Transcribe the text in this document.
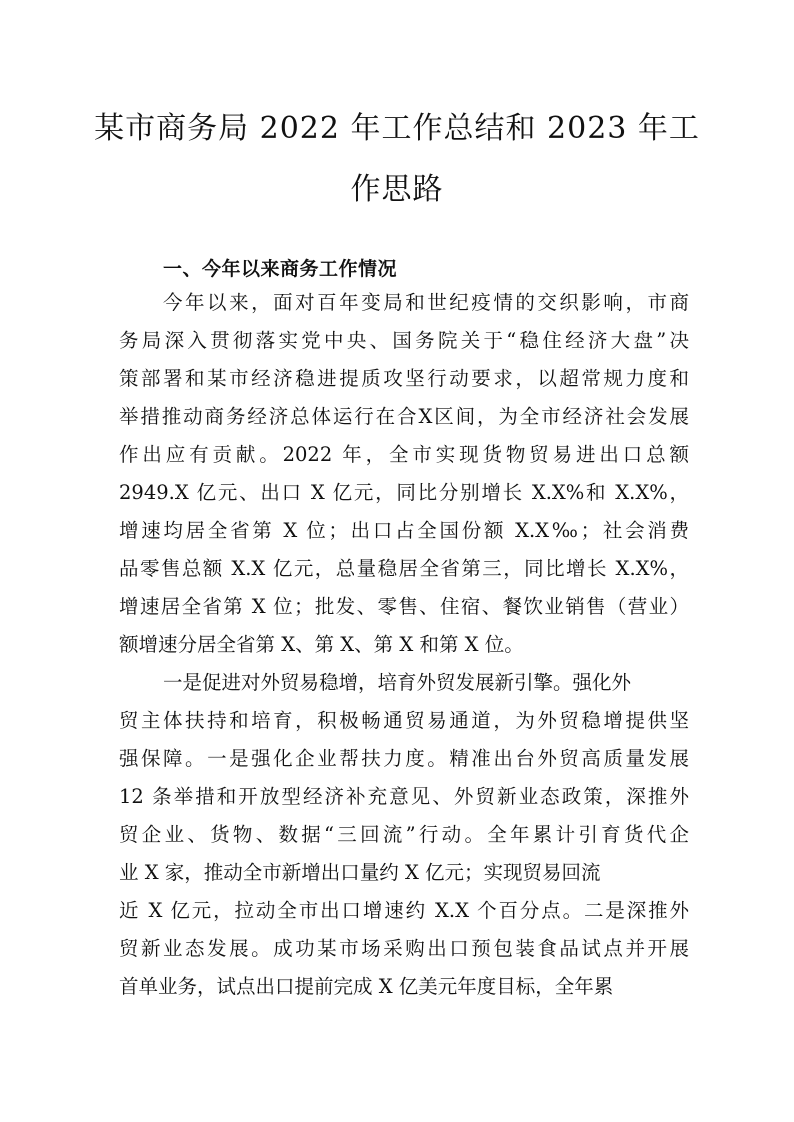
某市商务局 2022 年工作总结和 2023 年工
作思路
一、今年以来商务工作情况
今年以来，面对百年变局和世纪疫情的交织影响，市商
务局深入贯彻落实党中央、国务院关于“稳住经济大盘”决
策部署和某市经济稳进提质攻坚行动要求，以超常规力度和
举措推动商务经济总体运行在合X区间，为全市经济社会发展
作出应有贡献。2022 年，全市实现货物贸易进出口总额
2949.X 亿元、出口 X 亿元，同比分别增长 X.X%和 X.X%，
增速均居全省第 X 位；出口占全国份额 X.X‰；社会消费
品零售总额 X.X 亿元，总量稳居全省第三，同比增长 X.X%，
增速居全省第 X 位；批发、零售、住宿、餐饮业销售（营业）
额增速分居全省第 X、第 X、第 X 和第 X 位。
一是促进对外贸易稳增，培育外贸发展新引擎。强化外
贸主体扶持和培育，积极畅通贸易通道，为外贸稳增提供坚
强保障。一是强化企业帮扶力度。精准出台外贸高质量发展
12 条举措和开放型经济补充意见、外贸新业态政策，深推外
贸企业、货物、数据“三回流”行动。全年累计引育货代企
业 X 家，推动全市新增出口量约 X 亿元；实现贸易回流
近 X 亿元，拉动全市出口增速约 X.X 个百分点。二是深推外
贸新业态发展。成功某市场采购出口预包装食品试点并开展
首单业务，试点出口提前完成 X 亿美元年度目标，全年累
